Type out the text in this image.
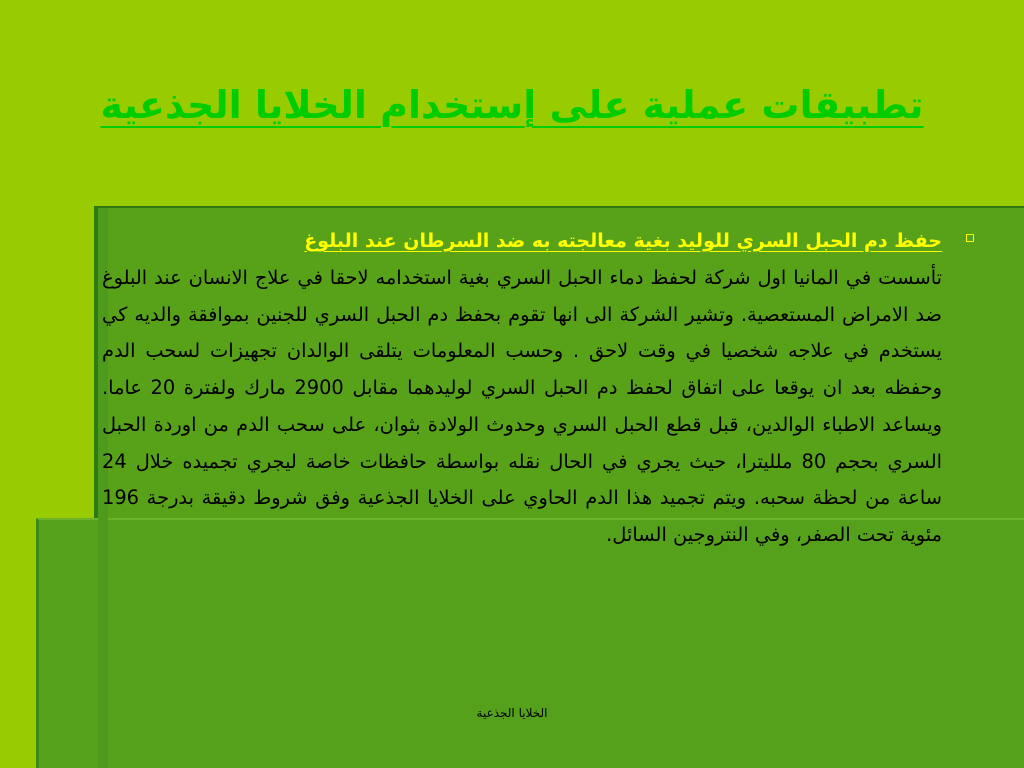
تطبيقات عملية على إستخدام الخلايا الجذعية
حفظ دم الحبل السري للوليد بغية معالجته به ضد السرطان عند البلوغ
تأسست في المانيا اول شركة لحفظ دماء الحبل السري بغية استخدامه لاحقا في علاج الانسان عند البلوغ ضد الامراض المستعصية. وتشير الشركة الى انها تقوم بحفظ دم الحبل السري للجنين بموافقة والديه كي يستخدم في علاجه شخصيا في وقت لاحق . وحسب المعلومات يتلقى الوالدان تجهيزات لسحب الدم وحفظه بعد ان يوقعا على اتفاق لحفظ دم الحبل السري لوليدهما مقابل 2900 مارك ولفترة 20 عاما. ويساعد الاطباء الوالدين، قبل قطع الحبل السري وحدوث الولادة بثوان، على سحب الدم من اوردة الحبل السري بحجم 80 ملليترا، حيث يجري في الحال نقله بواسطة حافظات خاصة ليجري تجميده خلال 24 ساعة من لحظة سحبه. ويتم تجميد هذا الدم الحاوي على الخلايا الجذعية وفق شروط دقيقة بدرجة 196 مئوية تحت الصفر، وفي النتروجين السائل.
الخلايا الجذعية
